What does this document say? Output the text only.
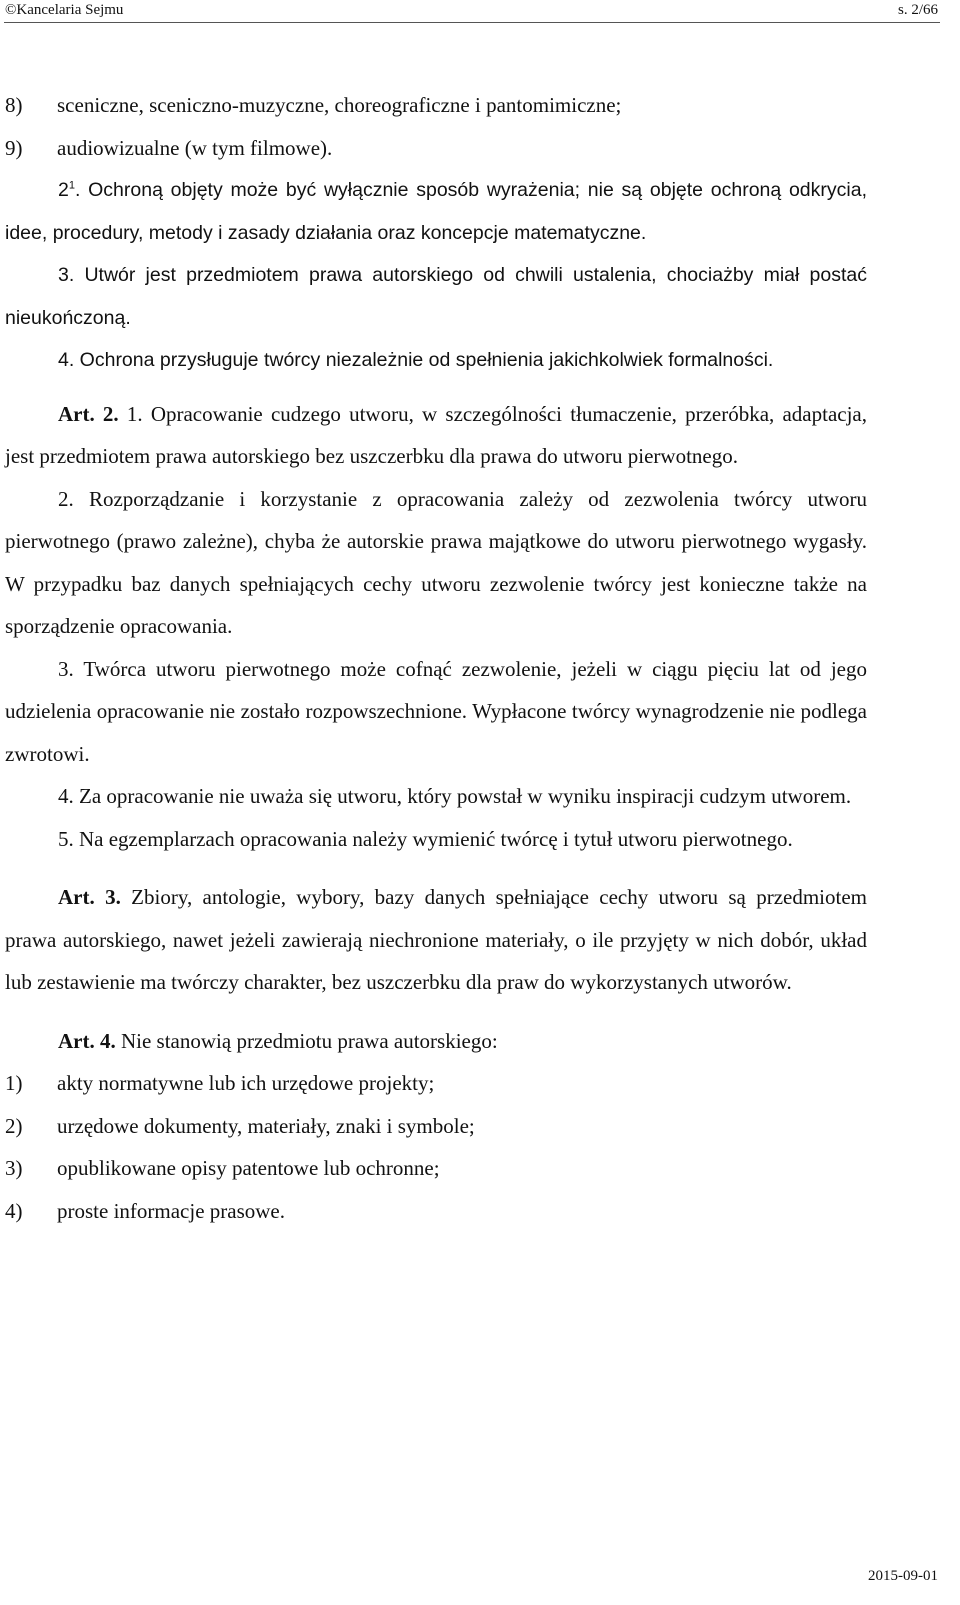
©Kancelaria Sejmu	s. 2/66

8) sceniczne, sceniczno-muzyczne, choreograficzne i pantomimiczne;

9) audiowizualne (w tym filmowe).

$2^1$. Ochroną objęty może być wyłącznie sposób wyrażenia; nie są objęte ochroną odkrycia, idee, procedury, metody i zasady działania oraz koncepcje matematyczne.

3. Utwór jest przedmiotem prawa autorskiego od chwili ustalenia, chociażby miał postać nieukończoną.

4. Ochrona przysługuje twórcy niezależnie od spełnienia jakichkolwiek formalności.

Art. 2. 1. Opracowanie cudzego utworu, w szczególności tłumaczenie, przeróbka, adaptacja, jest przedmiotem prawa autorskiego bez uszczerbku dla prawa do utworu pierwotnego.

2. Rozporządzanie i korzystanie z opracowania zależy od zezwolenia twórcy utworu pierwotnego (prawo zależne), chyba że autorskie prawa majątkowe do utworu pierwotnego wygasły. W przypadku baz danych spełniających cechy utworu zezwolenie twórcy jest konieczne także na sporządzenie opracowania.

3. Twórca utworu pierwotnego może cofnąć zezwolenie, jeżeli w ciągu pięciu lat od jego udzielenia opracowanie nie zostało rozpowszechnione. Wypłacone twórcy wynagrodzenie nie podlega zwrotowi.

4. Za opracowanie nie uważa się utworu, który powstał w wyniku inspiracji cudzym utworem.

5. Na egzemplarzach opracowania należy wymienić twórcę i tytuł utworu pierwotnego.

Art. 3. Zbiory, antologie, wybory, bazy danych spełniające cechy utworu są przedmiotem prawa autorskiego, nawet jeżeli zawierają niechronione materiały, o ile przyjęty w nich dobór, układ lub zestawienie ma twórczy charakter, bez uszczerbku dla praw do wykorzystanych utworów.

Art. 4. Nie stanowią przedmiotu prawa autorskiego:

1) akty normatywne lub ich urzędowe projekty;

2) urzędowe dokumenty, materiały, znaki i symbole;

3) opublikowane opisy patentowe lub ochronne;

4) proste informacje prasowe.

2015-09-01
